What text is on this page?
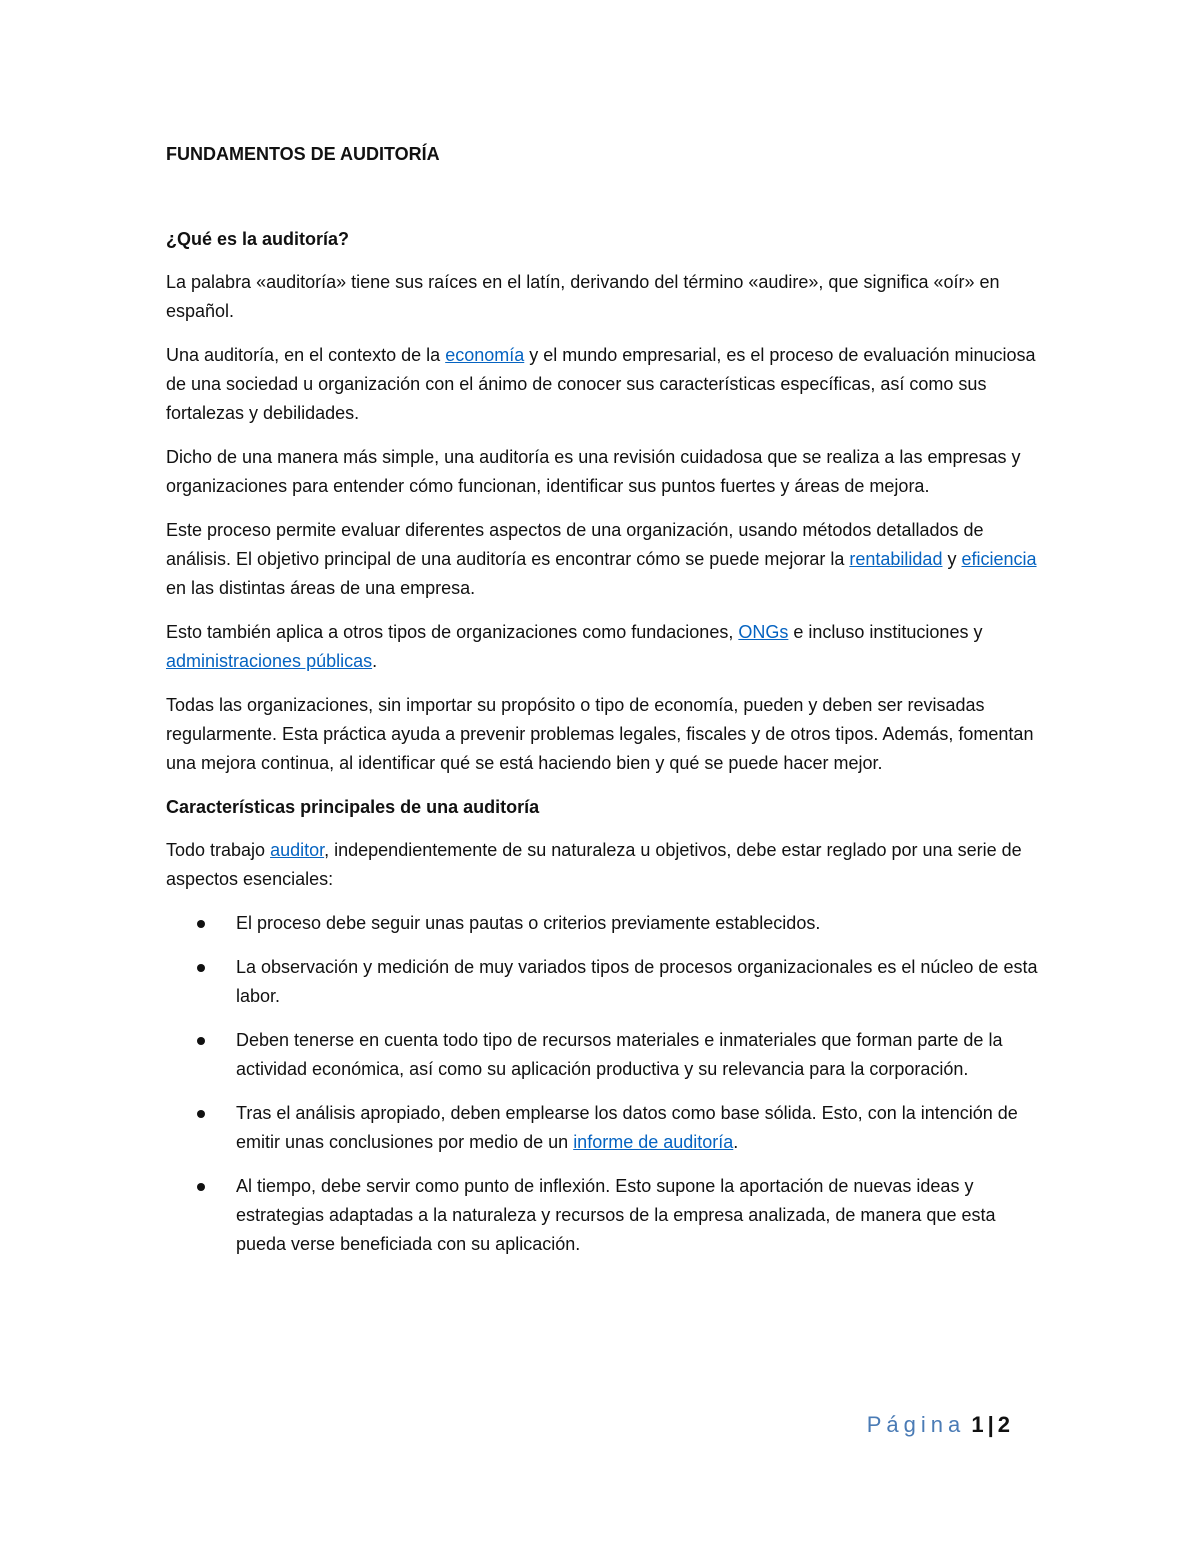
FUNDAMENTOS DE AUDITORÍA
¿Qué es la auditoría?

La palabra «auditoría» tiene sus raíces en el latín, derivando del término «audire», que significa «oír» en español.

Una auditoría, en el contexto de la economía y el mundo empresarial, es el proceso de evaluación minuciosa de una sociedad u organización con el ánimo de conocer sus características específicas, así como sus fortalezas y debilidades.

Dicho de una manera más simple, una auditoría es una revisión cuidadosa que se realiza a las empresas y organizaciones para entender cómo funcionan, identificar sus puntos fuertes y áreas de mejora.

Este proceso permite evaluar diferentes aspectos de una organización, usando métodos detallados de análisis. El objetivo principal de una auditoría es encontrar cómo se puede mejorar la rentabilidad y eficiencia en las distintas áreas de una empresa.

Esto también aplica a otros tipos de organizaciones como fundaciones, ONGs e incluso instituciones y administraciones públicas.

Todas las organizaciones, sin importar su propósito o tipo de economía, pueden y deben ser revisadas regularmente. Esta práctica ayuda a prevenir problemas legales, fiscales y de otros tipos. Además, fomentan una mejora continua, al identificar qué se está haciendo bien y qué se puede hacer mejor.

Características principales de una auditoría

Todo trabajo auditor, independientemente de su naturaleza u objetivos, debe estar reglado por una serie de aspectos esenciales:

El proceso debe seguir unas pautas o criterios previamente establecidos.
La observación y medición de muy variados tipos de procesos organizacionales es el núcleo de esta labor.
Deben tenerse en cuenta todo tipo de recursos materiales e inmateriales que forman parte de la actividad económica, así como su aplicación productiva y su relevancia para la corporación.
Tras el análisis apropiado, deben emplearse los datos como base sólida. Esto, con la intención de emitir unas conclusiones por medio de un informe de auditoría.
Al tiempo, debe servir como punto de inflexión. Esto supone la aportación de nuevas ideas y estrategias adaptadas a la naturaleza y recursos de la empresa analizada, de manera que esta pueda verse beneficiada con su aplicación.
Página 1 | 2
